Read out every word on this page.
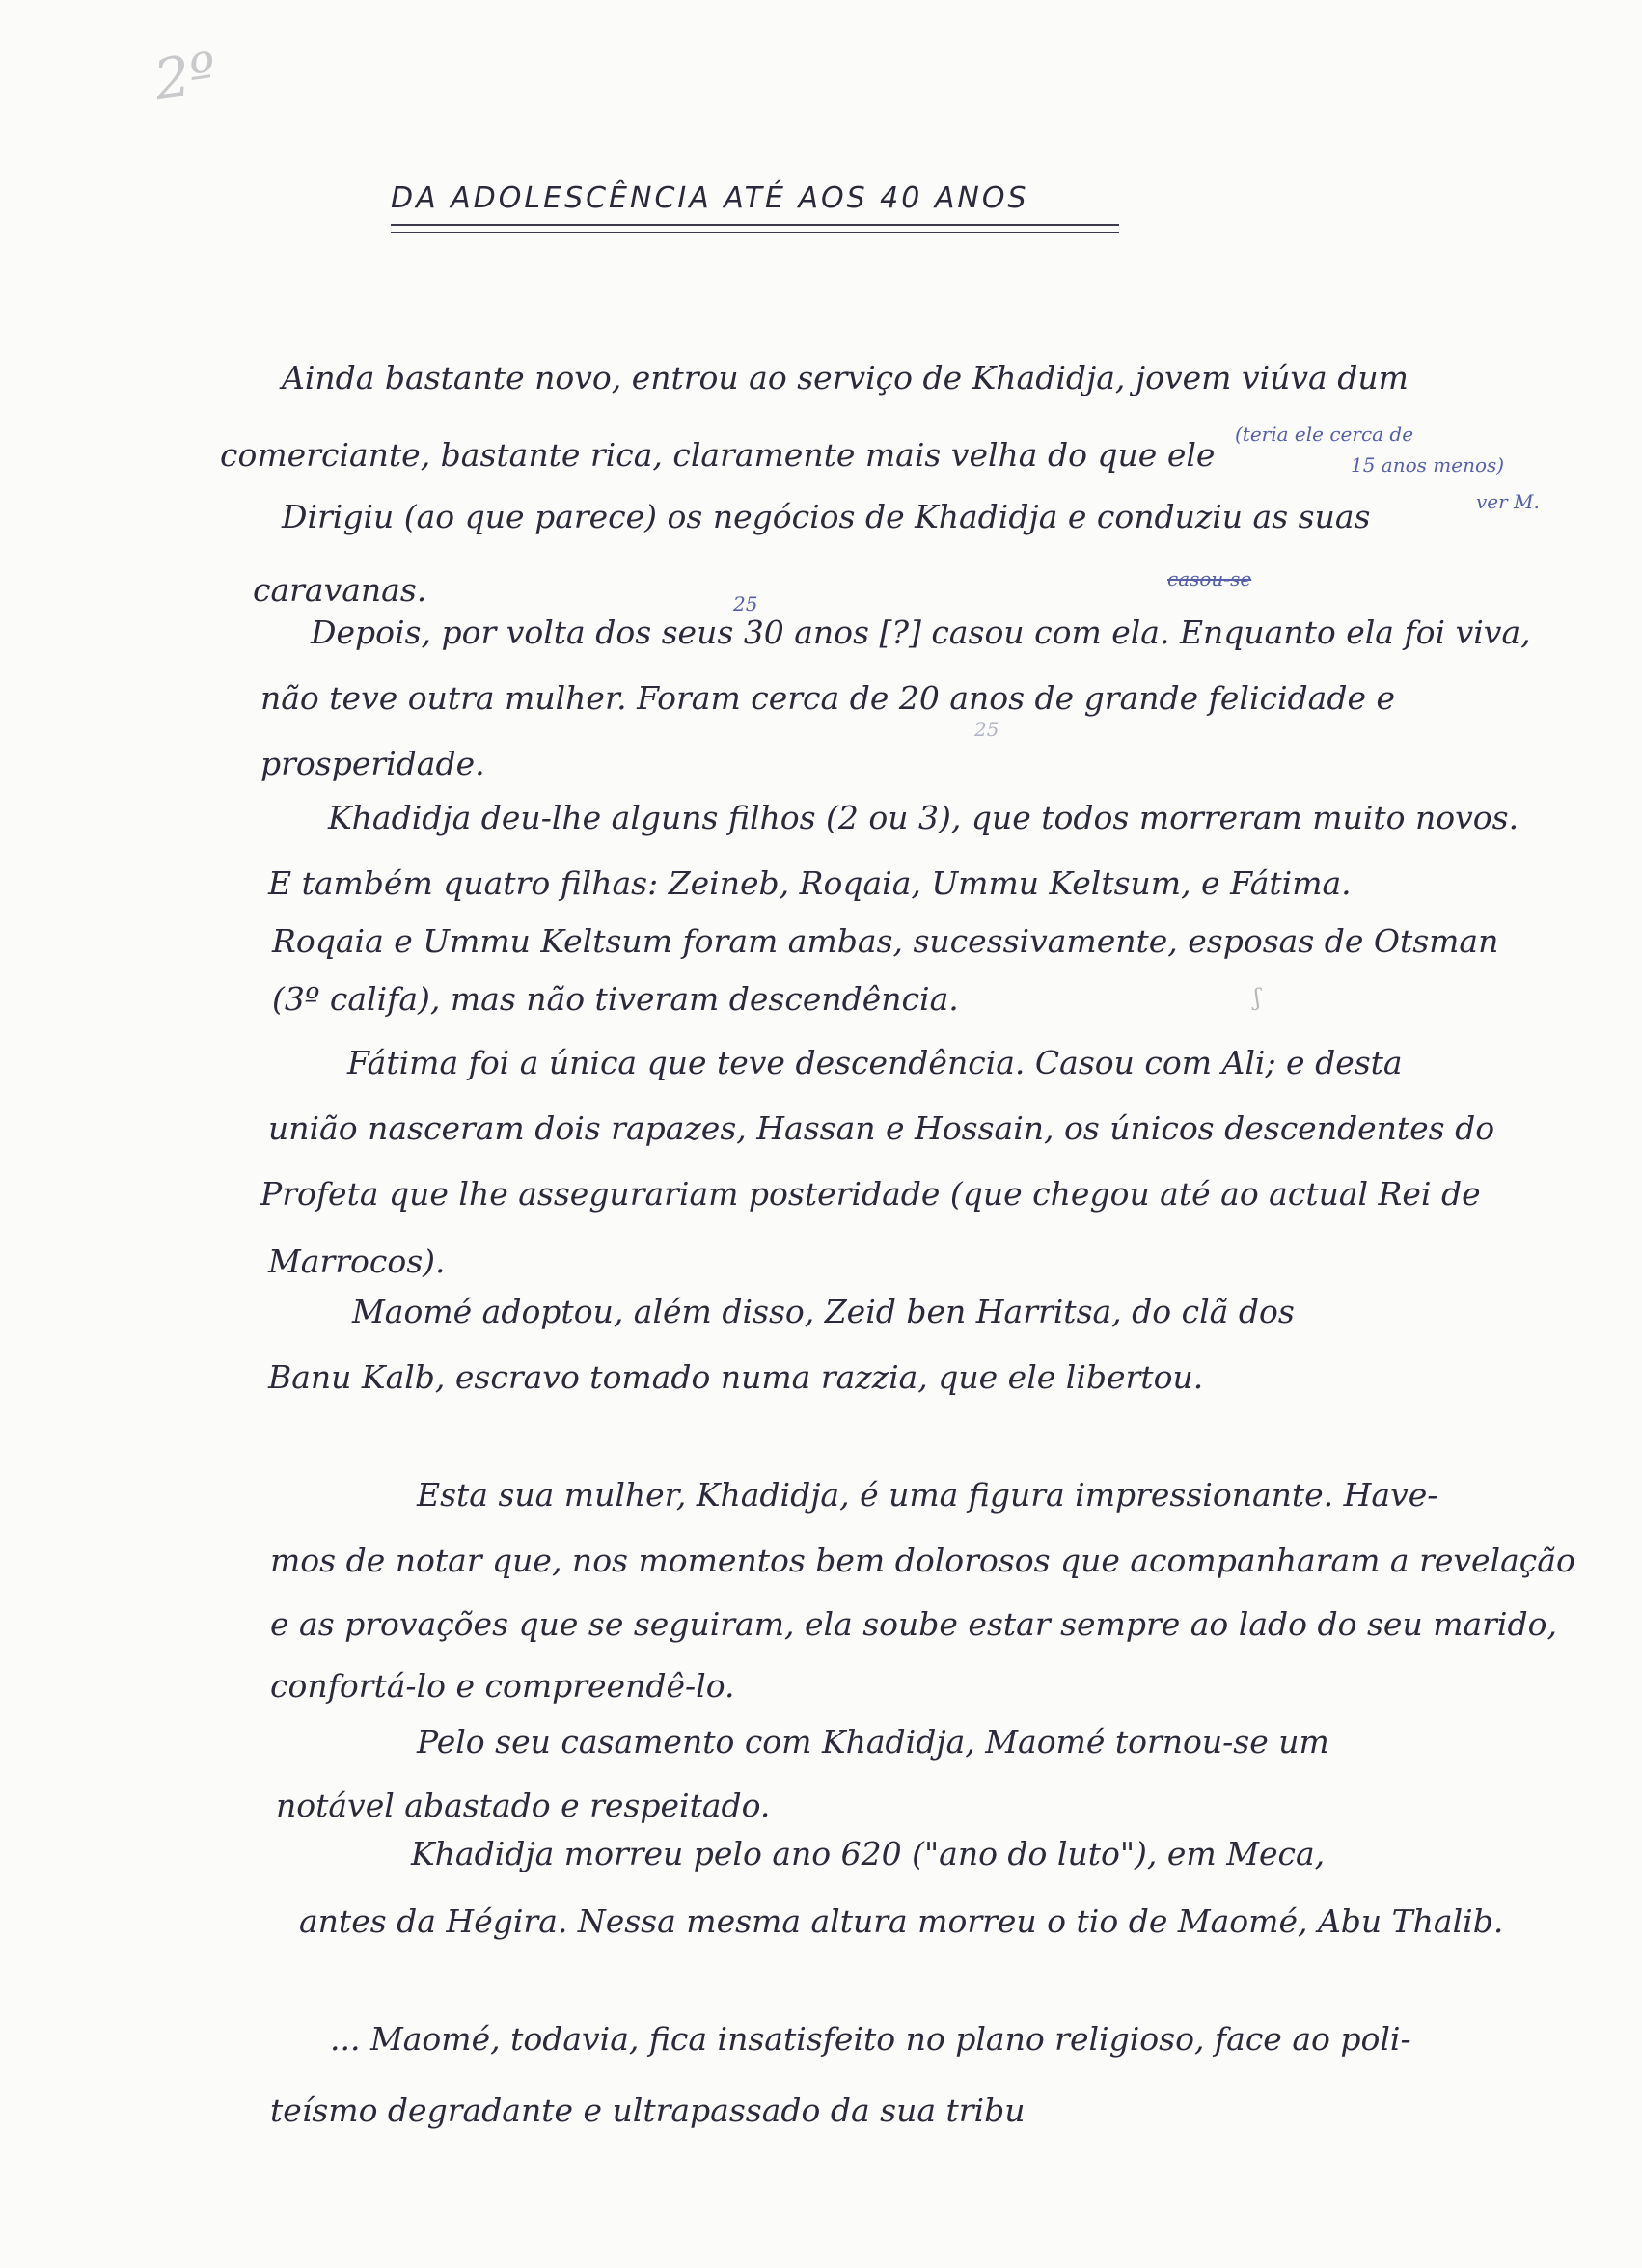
2º
DA ADOLESCÊNCIA ATÉ AOS 40 ANOS
Ainda bastante novo, entrou ao serviço de Khadidja, jovem viúva dum
comerciante, bastante rica, claramente mais velha do que ele
(teria ele cerca de
15 anos menos)
ver M.
Dirigiu (ao que parece) os negócios de Khadidja e conduziu as suas
caravanas.	casou-se
25
Depois, por volta dos seus 30 anos [?] casou com ela. Enquanto ela foi viva,
não teve outra mulher. Foram cerca de 20 anos de grande felicidade e
25
prosperidade.
Khadidja deu-lhe alguns filhos (2 ou 3), que todos morreram muito novos.
E também quatro filhas: Zeineb, Roqaia, Ummu Keltsum, e Fátima.
Roqaia e Ummu Keltsum foram ambas, sucessivamente, esposas de Otsman
(3º califa), mas não tiveram descendência.	ʃ
Fátima foi a única que teve descendência. Casou com Ali; e desta
união nasceram dois rapazes, Hassan e Hossain, os únicos descendentes do
Profeta que lhe assegurariam posteridade (que chegou até ao actual Rei de
Marrocos).
Maomé adoptou, além disso, Zeid ben Harritsa, do clã dos
Banu Kalb, escravo tomado numa razzia, que ele libertou.
Esta sua mulher, Khadidja, é uma figura impressionante. Have-
mos de notar que, nos momentos bem dolorosos que acompanharam a revelação
e as provações que se seguiram, ela soube estar sempre ao lado do seu marido,
confortá-lo e compreendê-lo.
Pelo seu casamento com Khadidja, Maomé tornou-se um
notável abastado e respeitado.
Khadidja morreu pelo ano 620 ("ano do luto"), em Meca,
antes da Hégira. Nessa mesma altura morreu o tio de Maomé, Abu Thalib.
... Maomé, todavia, fica insatisfeito no plano religioso, face ao poli-
teísmo degradante e ultrapassado da sua tribu
